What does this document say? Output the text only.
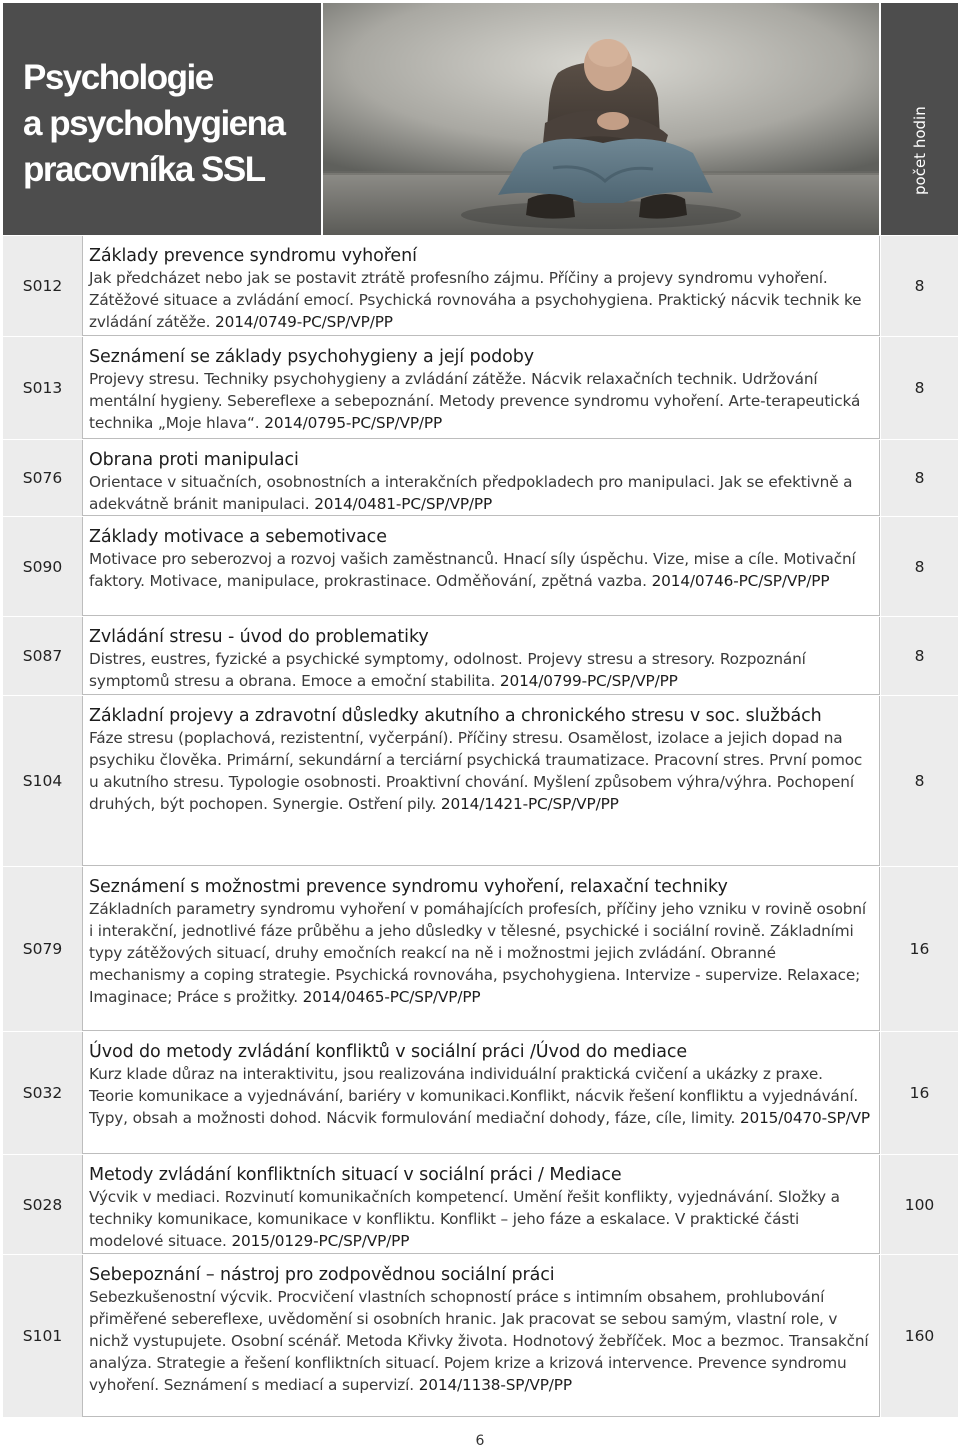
Psychologie
a psychohygiena
pracovníka SSL	počet hodin
S012
Základy prevence syndromu vyhoření
Jak předcházet nebo jak se postavit ztrátě profesního zájmu. Příčiny a projevy syndromu vyhoření. Zátěžové situace a zvládání emocí. Psychická rovnováha a psychohygiena. Praktický nácvik technik ke zvládání zátěže. 2014/0749-PC/SP/VP/PP
8
S013
Seznámení se základy psychohygieny a její podoby
Projevy stresu. Techniky psychohygieny a zvládání zátěže. Nácvik relaxačních technik. Udržování mentální hygieny. Sebereflexe a sebepoznání. Metody prevence syndromu vyhoření. Arte-terapeutická technika „Moje hlava“. 2014/0795-PC/SP/VP/PP
8
S076
Obrana proti manipulaci
Orientace v situačních, osobnostních a interakčních předpokladech pro manipulaci. Jak se efektivně a adekvátně bránit manipulaci. 2014/0481-PC/SP/VP/PP
8
S090
Základy motivace a sebemotivace
Motivace pro seberozvoj a rozvoj vašich zaměstnanců. Hnací síly úspěchu. Vize, mise a cíle. Motivační faktory. Motivace, manipulace, prokrastinace. Odměňování, zpětná vazba. 2014/0746-PC/SP/VP/PP
8
S087
Zvládání stresu - úvod do problematiky
Distres, eustres, fyzické a psychické symptomy, odolnost. Projevy stresu a stresory. Rozpoznání symptomů stresu a obrana. Emoce a emoční stabilita. 2014/0799-PC/SP/VP/PP
8
S104
Základní projevy a zdravotní důsledky akutního a chronického stresu v soc. službách
Fáze stresu (poplachová, rezistentní, vyčerpání). Příčiny stresu. Osamělost, izolace a jejich dopad na psychiku člověka. Primární, sekundární a terciární psychická traumatizace. Pracovní stres. První pomoc u akutního stresu. Typologie osobnosti. Proaktivní chování. Myšlení způsobem výhra/výhra. Pochopení druhých, být pochopen. Synergie. Ostření pily. 2014/1421-PC/SP/VP/PP
8
S079
Seznámení s možnostmi prevence syndromu vyhoření, relaxační techniky
Základních parametry syndromu vyhoření v pomáhajících profesích, příčiny jeho vzniku v rovině osobní i interakční, jednotlivé fáze průběhu a jeho důsledky v tělesné, psychické i sociální rovině. Základními typy zátěžových situací, druhy emočních reakcí na ně i možnostmi jejich zvládání. Obranné mechanismy a coping strategie. Psychická rovnováha, psychohygiena. Intervize - supervize. Relaxace; Imaginace; Práce s prožitky. 2014/0465-PC/SP/VP/PP
16
S032
Úvod do metody zvládání konfliktů v sociální práci /Úvod do mediace
Kurz klade důraz na interaktivitu, jsou realizována individuální praktická cvičení a ukázky z praxe. Teorie komunikace a vyjednávání, bariéry v komunikaci.Konflikt, nácvik řešení konfliktu a vyjednávání. Typy, obsah a možnosti dohod. Nácvik formulování mediační dohody, fáze, cíle, limity. 2015/0470-SP/VP
16
S028
Metody zvládání konfliktních situací v sociální práci / Mediace
Výcvik v mediaci. Rozvinutí komunikačních kompetencí. Umění řešit konflikty, vyjednávání. Složky a techniky komunikace, komunikace v konfliktu. Konflikt – jeho fáze a eskalace. V praktické části modelové situace. 2015/0129-PC/SP/VP/PP
100
S101
Sebepoznání – nástroj pro zodpovědnou sociální práci
Sebezkušenostní výcvik. Procvičení vlastních schopností práce s intimním obsahem, prohlubování přiměřené sebereflexe, uvědomění si osobních hranic. Jak pracovat se sebou samým, vlastní role, v nichž vystupujete. Osobní scénář. Metoda Křivky života. Hodnotový žebříček. Moc a bezmoc. Transakční analýza. Strategie a řešení konfliktních situací. Pojem krize a krizová intervence. Prevence syndromu vyhoření. Seznámení s mediací a supervizí. 2014/1138-SP/VP/PP
160
6
